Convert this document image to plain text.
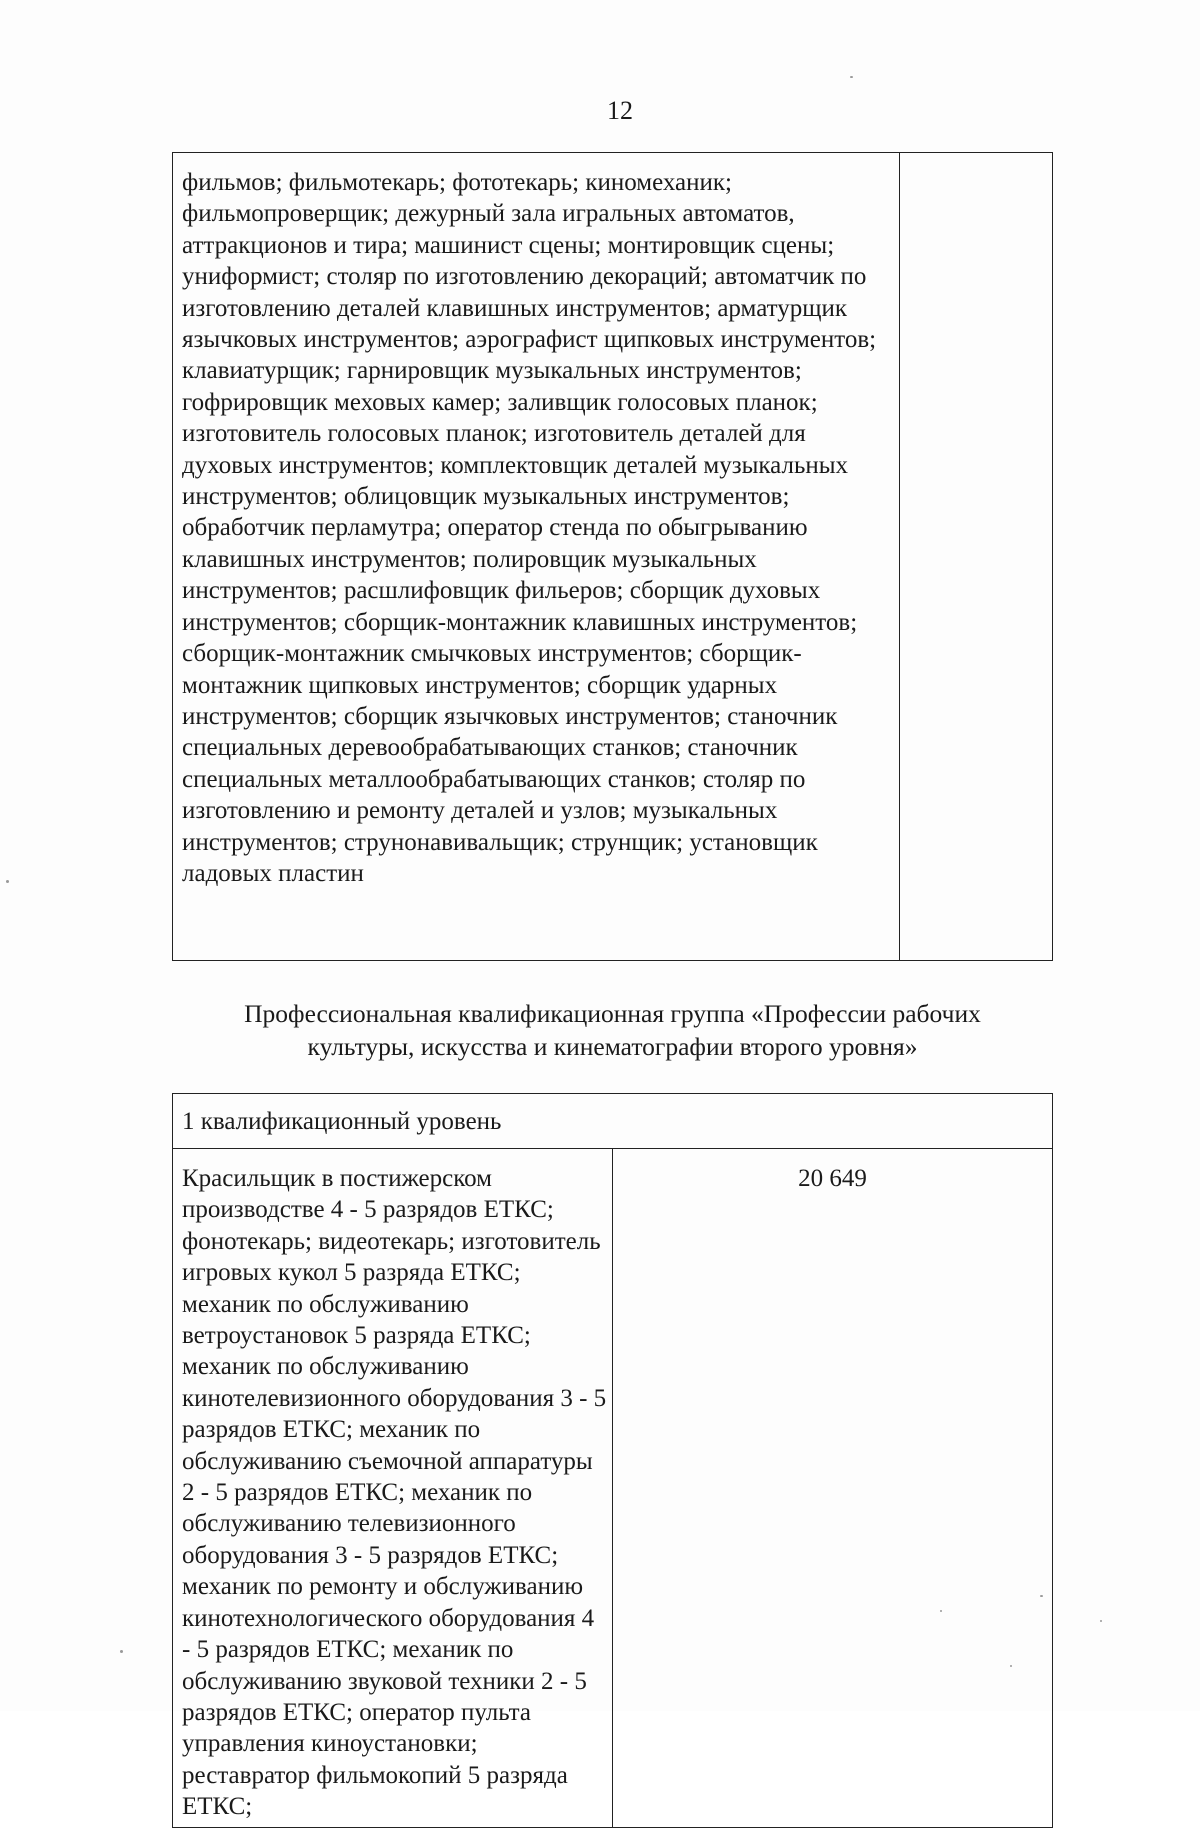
12
фильмов; фильмотекарь; фототекарь; киномеханик; фильмопроверщик; дежурный зала игральных автоматов, аттракционов и тира; машинист сцены; монтировщик сцены; униформист; столяр по изготовлению декораций; автоматчик по изготовлению деталей клавишных инструментов; арматурщик язычковых инструментов; аэрографист щипковых инструментов; клавиатурщик; гарнировщик музыкальных инструментов; гофрировщик меховых камер; заливщик голосовых планок; изготовитель голосовых планок; изготовитель деталей для духовых инструментов; комплектовщик деталей музыкальных инструментов; облицовщик музыкальных инструментов; обработчик перламутра; оператор стенда по обыгрыванию клавишных инструментов; полировщик музыкальных инструментов; расшлифовщик фильеров; сборщик духовых инструментов; сборщик-монтажник клавишных инструментов; сборщик-монтажник смычковых инструментов; сборщик-монтажник щипковых инструментов; сборщик ударных инструментов; сборщик язычковых инструментов; станочник специальных деревообрабатывающих станков; станочник специальных металлообрабатывающих станков; столяр по изготовлению и ремонту деталей и узлов; музыкальных инструментов; струнонавивальщик; струнщик; установщик ладовых пластин	
Профессиональная квалификационная группа «Профессии рабочих
культуры, искусства и кинематографии второго уровня»
1 квалификационный уровень
Красильщик в постижерском производстве 4 - 5 разрядов ЕТКС; фонотекарь; видеотекарь; изготовитель игровых кукол 5 разряда ЕТКС; механик по обслуживанию ветроустановок 5 разряда ЕТКС; механик по обслуживанию кинотелевизионного оборудования 3 - 5 разрядов ЕТКС; механик по обслуживанию съемочной аппаратуры 2 - 5 разрядов ЕТКС; механик по обслуживанию телевизионного оборудования 3 - 5 разрядов ЕТКС; механик по ремонту и обслуживанию кинотехнологического оборудования 4 - 5 разрядов ЕТКС; механик по обслуживанию звуковой техники 2 - 5 разрядов ЕТКС; оператор пульта управления киноустановки; реставратор фильмокопий 5 разряда ЕТКС;	20 649
